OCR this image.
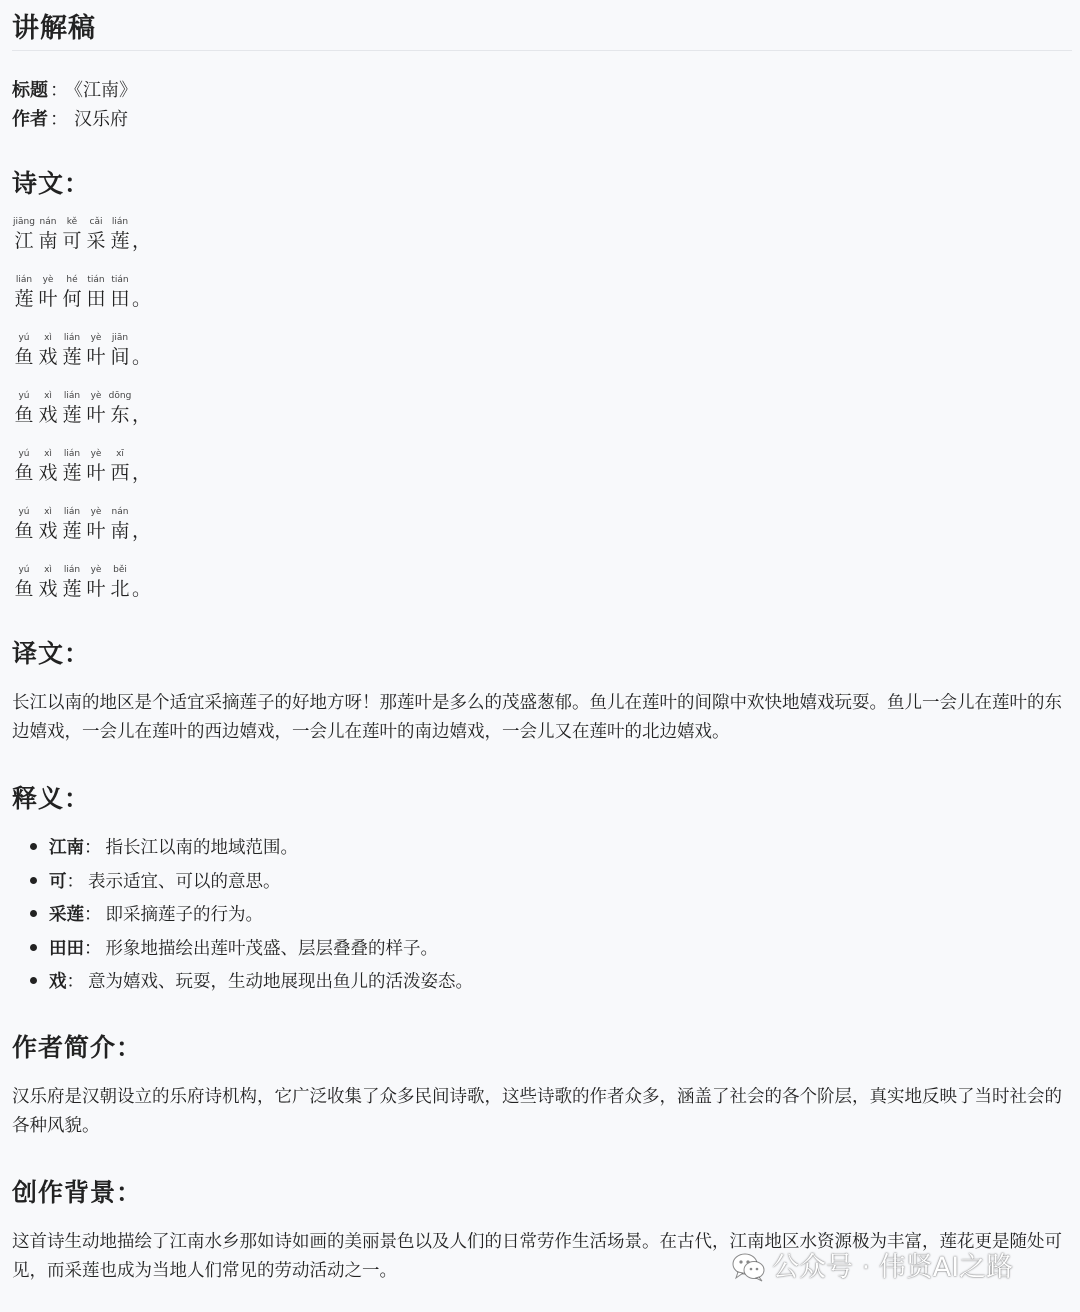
讲解稿
标题 ： 《江南》
作者 ： 汉乐府
诗文：
jiāng
江
nán
南
kě
可
cǎi
采
lián
莲 ，
lián
莲
yè
叶
hé
何
tián
田
tián
田 。
yú
鱼
xì
戏
lián
莲
yè
叶
jiān
间 。
yú
鱼
xì
戏
lián
莲
yè
叶
dōng
东 ，
yú
鱼
xì
戏
lián
莲
yè
叶
xī
西 ，
yú
鱼
xì
戏
lián
莲
yè
叶
nán
南 ，
yú
鱼
xì
戏
lián
莲
yè
叶
běi
北 。
译文：
长江以南的地区是个适宜采摘莲子的好地方呀！那莲叶是多么的茂盛葱郁。鱼儿在莲叶的间隙中欢快地嬉戏玩耍。鱼儿一会儿在莲叶的东边嬉戏，一会儿在莲叶的西边嬉戏，一会儿在莲叶的南边嬉戏，一会儿又在莲叶的北边嬉戏。
释义：
江南： 指长江以南的地域范围。
可： 表示适宜、可以的意思。
采莲： 即采摘莲子的行为。
田田： 形象地描绘出莲叶茂盛、层层叠叠的样子。
戏： 意为嬉戏、玩耍，生动地展现出鱼儿的活泼姿态。
作者简介：
汉乐府是汉朝设立的乐府诗机构，它广泛收集了众多民间诗歌，这些诗歌的作者众多，涵盖了社会的各个阶层，真实地反映了当时社会的各种风貌。
创作背景：
这首诗生动地描绘了江南水乡那如诗如画的美丽景色以及人们的日常劳作生活场景。在古代，江南地区水资源极为丰富，莲花更是随处可见，而采莲也成为当地人们常见的劳动活动之一。	公众号 · 伟贤AI之路
